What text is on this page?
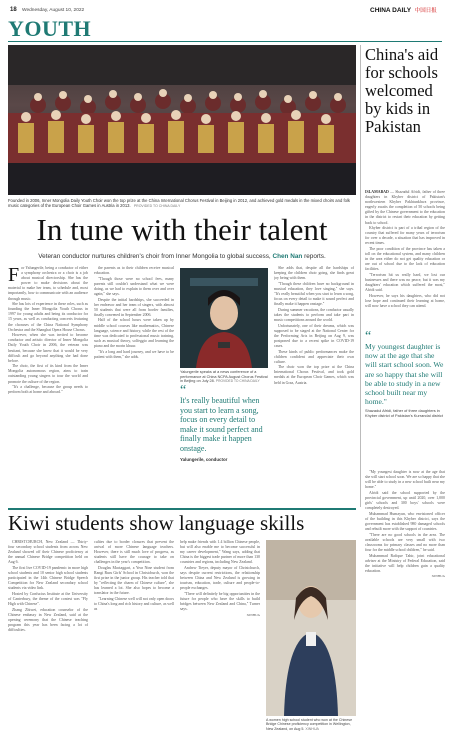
18 Wednesday, August 10, 2022	CHINA DAILY 中国日报
YOUTH
Founded in 2006, Inner Mongolia Daily Youth Choir won the top prize at the China International Chorus Festival in Beijing in 2012, and achieved gold medals in the mixed choirs and folk music categories of the European Choir Games in Austria in 2013. PROVIDED TO CHINA DAILY
In tune with their talent
Veteran conductor nurtures children's choir from Inner Mongolia to global success, Chen Nan reports.

For Yalungerile, being a conductor of either a symphony orchestra or a choir is a job about musical directorship. She has the power to make decisions about the material to make her team, to schedule and, most importantly, how to communicate with an audience through music.

She has lots of experience in these roles, such as founding the Inner Mongolia Youth Chorus in 1997 for young adults and being its conductor for 15 years, as well as conducting concerts featuring the choruses of the China National Symphony Orchestra and the Shanghai Opera House Chorus.

However, when she was invited to become conductor and artistic director of Inner Mongolia Daily Youth Choir in 2006, the veteran was hesitant, because she knew that it would be very difficult and go beyond anything she had done before.

The choir, the first of its kind from the Inner Mongolia autonomous region, aims to train outstanding young singers to tour the world and promote the culture of the region.

"It's a challenge, because the group needs to perform both at home and abroad."

the parents as to their children receive musical education.

"Though those were no school fees, many parents still couldn't understand what we were doing, as we had to explain to them over and over again," she says.

Despite the initial hardships, she succeeded in her endeavor and her team of singers, with almost 50 students that were all from border families, finally convened in September 2006.

Half of the school hours were taken up by middle school courses like mathematics, Chinese language, science and history, while the rest of the time was dedicated to professional music training, such as musical theory, solfeggio and learning the piano and the morin khuur.

"It's a long and hard journey, and we have to be patient with them," she adds.

Yalungerile speaks at a news conference of a performance at China NCPA August Chorus Festival in Beijing on July 28. PROVIDED TO CHINA DAILY
“
It's really beautiful when you start to learn a song, focus on every detail to make it sound perfect and finally make it happen onstage.
Yalungerile, conductor

She adds that, despite all the hardships of keeping the children choir going, she finds great joy being with them.

"Though these children have no background in musical education, they love singing," she says. "It's really beautiful when you start to learn a song, focus on every detail to make it sound perfect and finally make it happen onstage."

During summer vacations, the conductor usually takes the students to perform and take part in music competitions around the world.

Unfortunately, one of their dreams, which was supposed to be staged at the National Center for the Performing Arts in Beijing on Aug 9, was postponed due to a recent spike in COVID-19 cases.

These kinds of public performances make the children confident and appreciate their own culture.

The choir won the top prize at the China International Chorus Festival, and took gold medals at the European Choir Games, which was held in Graz, Austria.

China's aid for schools welcomed by kids in Pakistan

ISLAMABAD — Shazadul Afridi, father of three daughters in Khyber district of Pakistan's northwestern Khyber Pakhtunkhwa province, eagerly awaits the completion of 50 schools being gifted by the Chinese government to the education in the district to restart their education by getting back to school.

Khyber district is part of a tribal region of the country that suffered for many years of terrorism for over a decade, a situation that has improved in recent times.

The poor condition of the province has taken a toll on the educational system, and many children in the area either do not get quality education or are out of school due to the lack of education facilities.

"Terrorism hit us really hard, we lost our businesses and there was no peace, but it was my daughters' education which suffered the most," Afridi said.

However, he says his daughters, who did not lose hope and continued their learning at home, will now have a school they can attend.

“
My youngest daughter is now at the age that she will start school soon. We are so happy that she will be able to study in a new school built near my home."
Shazadul Afridi, father of three daughters in Khyber district of Pakistan's Kurrandal district

"My youngest daughter is now at the age that she will start school soon. We are so happy that she will be able to study in a new school built near my home."

Afridi said the school supported by the provincial government, up until 2020, over 1,000 girls' schools and 300 boys' schools were completely destroyed.

Muhammad Humayun, who envisioned officer of the building in this Khyber district, says the government has established 980 damaged schools and rebuilt more with the support of countries.

"There are no good schools in the area. The available schools are very small with two classrooms for primary classes and no more than four for the middle school children," he said.

Muhammad Rafique Tahir, joint educational adviser at the Ministry of Federal Education, said the initiative will help children gain a quality education.

XINHUA

Kiwi students show language skills

CHRISTCHURCH, New Zealand — Thirty-four secondary school students from across New Zealand showed off their Chinese proficiency at the annual Chinese Bridge competition held on Aug 6.

The first live COVID-19 pandemic in more high school students and 10 senior high school students participated in the 14th Chinese Bridge Speech Competition for New Zealand secondary school students via video link.

Hosted by Confucius Institute at the University of Canterbury, the theme of the contest was "Fly High with Chinese".

Zhang Zhiwei, education counselor of the Chinese embassy in New Zealand, said at the opening ceremony that the Chinese teaching program this year has been facing a lot of difficulties.

culties due to border closures that prevent the arrival of more Chinese language teachers. However, there is still much love of progress, as students still have the courage to take on challenges in the year's competition.

Douglas Mactaggart, a Year Nine student from Rangi Ruru Girls' School in Christchurch, won the first prize in the junior group. His teacher told that by "reflecting the charm of Chinese culture", she has learned a lot. She also hopes to become a translator in the future.

"Learning Chinese well will not only open doors to China's long and rich history and culture, as well as

help make friends with 1.4 billion Chinese people, but will also enable me to become successful in my career development," Wang says, adding that China is the biggest trade partner of more than 130 countries and regions, including New Zealand.

Andrew Tieyer, deputy mayor of Christchurch, says despite current restrictions, the relationship between China and New Zealand is growing in tourism, education, trade, culture and people-to-people exchanges.

"There will definitely be big opportunities in the future for people who have the skills to build bridges between New Zealand and China," Turner says.

XINHUA

A women high school student who won at the Chinese Bridge Chinese proficiency competition in Wellington, New Zealand, on Aug 5. XINHUA
